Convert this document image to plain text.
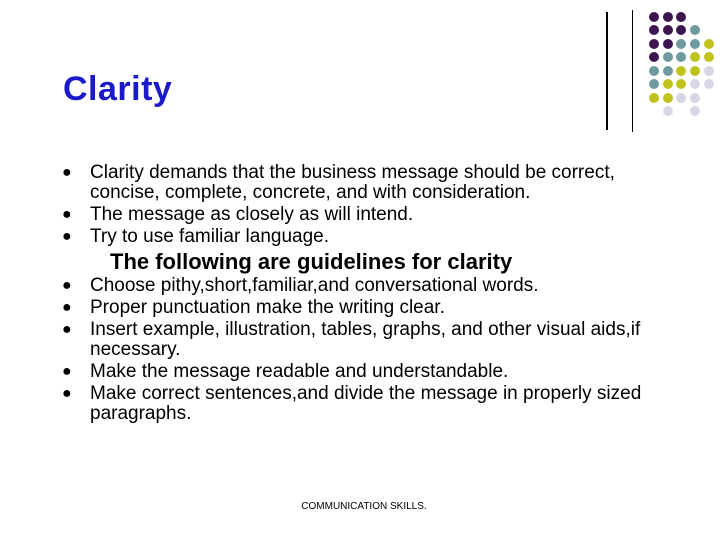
Clarity
● Clarity demands that the business message should be correct, concise, complete, concrete, and with consideration.
● The message as closely as will intend.
● Try to use familiar language.
The following are guidelines for clarity
● Choose pithy,short,familiar,and conversational words.
● Proper punctuation make the writing clear.
● Insert example, illustration, tables, graphs, and other visual aids,if necessary.
● Make the message readable and understandable.
● Make correct sentences,and divide the message in properly sized paragraphs.
COMMUNICATION SKILLS.
